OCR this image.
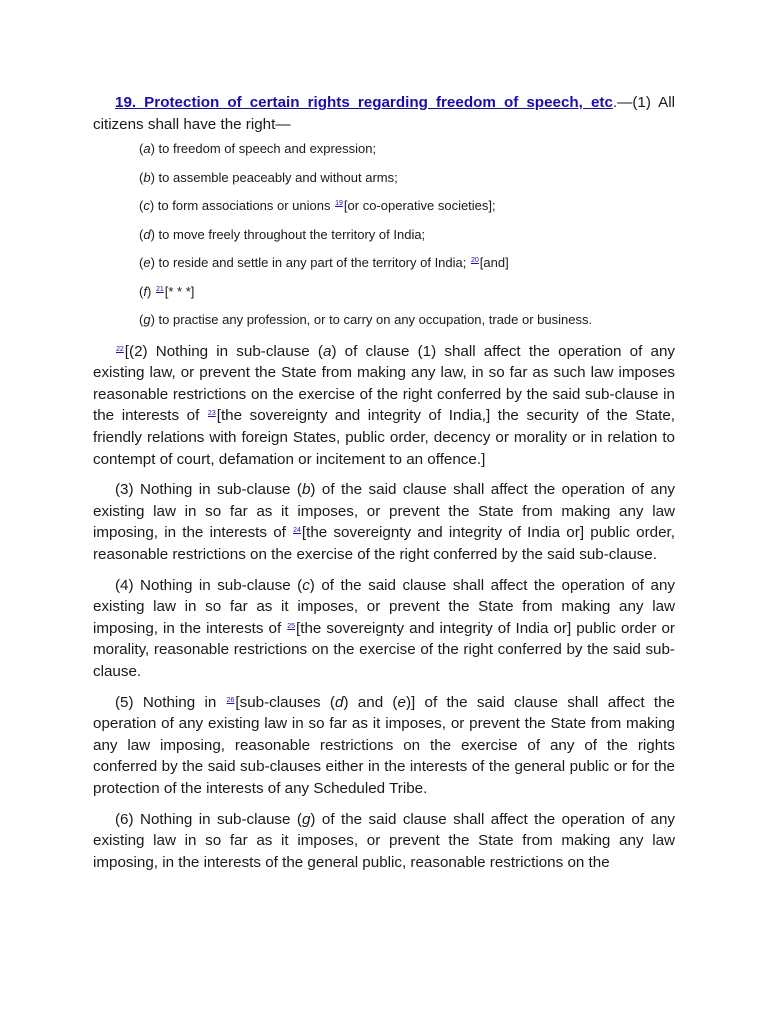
19. Protection of certain rights regarding freedom of speech, etc.—(1) All citizens shall have the right—

(a) to freedom of speech and expression;

(b) to assemble peaceably and without arms;

(c) to form associations or unions $^{19}$[or co-operative societies];

(d) to move freely throughout the territory of India;

(e) to reside and settle in any part of the territory of India; $^{20}$[and]

(f) $^{21}$[* * *]

(g) to practise any profession, or to carry on any occupation, trade or business.

$^{22}$[(2) Nothing in sub-clause (a) of clause (1) shall affect the operation of any existing law, or prevent the State from making any law, in so far as such law imposes reasonable restrictions on the exercise of the right conferred by the said sub-clause in the interests of $^{23}$[the sovereignty and integrity of India,] the security of the State, friendly relations with foreign States, public order, decency or morality or in relation to contempt of court, defamation or incitement to an offence.]

(3) Nothing in sub-clause (b) of the said clause shall affect the operation of any existing law in so far as it imposes, or prevent the State from making any law imposing, in the interests of $^{24}$[the sovereignty and integrity of India or] public order, reasonable restrictions on the exercise of the right conferred by the said sub-clause.

(4) Nothing in sub-clause (c) of the said clause shall affect the operation of any existing law in so far as it imposes, or prevent the State from making any law imposing, in the interests of $^{25}$[the sovereignty and integrity of India or] public order or morality, reasonable restrictions on the exercise of the right conferred by the said sub-clause.

(5) Nothing in $^{26}$[sub-clauses (d) and (e)] of the said clause shall affect the operation of any existing law in so far as it imposes, or prevent the State from making any law imposing, reasonable restrictions on the exercise of any of the rights conferred by the said sub-clauses either in the interests of the general public or for the protection of the interests of any Scheduled Tribe.

(6) Nothing in sub-clause (g) of the said clause shall affect the operation of any existing law in so far as it imposes, or prevent the State from making any law imposing, in the interests of the general public, reasonable restrictions on the
